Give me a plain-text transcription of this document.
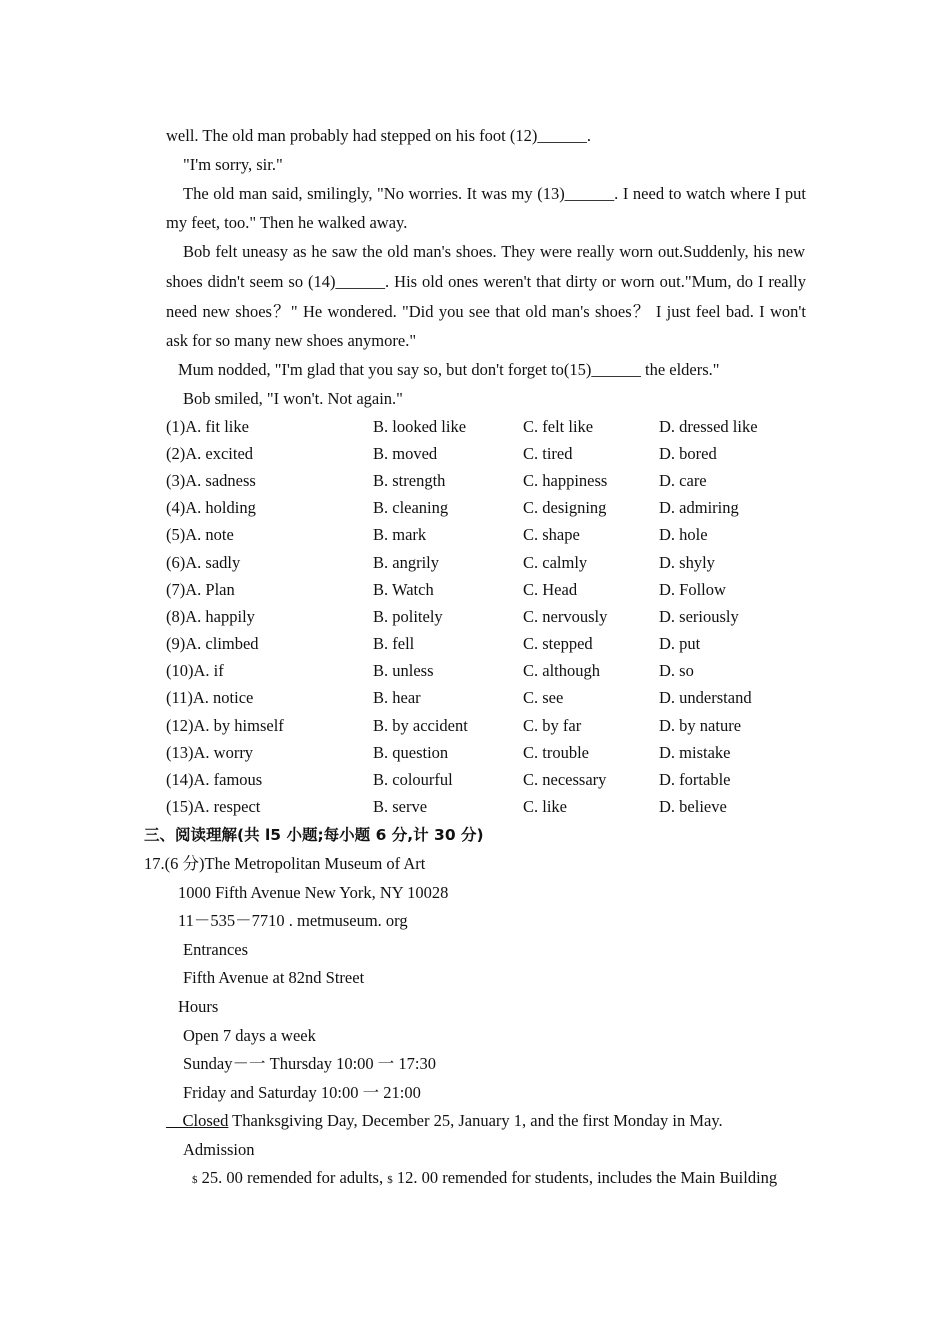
well. The old man probably had stepped on his foot (12)______.
"I'm sorry, sir."
The old man said, smilingly, "No worries. It was my (13)______. I need to watch where I put
my feet, too." Then he walked away.
Bob felt uneasy as he saw the old man's shoes. They were really worn out.Suddenly, his new
shoes didn't seem so (14)______. His old ones weren't that dirty or worn out."Mum, do I really
need new shoes？" He wondered. "Did you see that old man's shoes？ I just feel bad. I won't
ask for so many new shoes anymore."
Mum nodded, "I'm glad that you say so, but don't forget to(15)______ the elders."
Bob smiled, "I won't. Not again."
(1)A. fit like	B. looked like	C. felt like	D. dressed like
(2)A. excited	B. moved	C. tired	D. bored
(3)A. sadness	B. strength	C. happiness	D. care
(4)A. holding	B. cleaning	C. designing	D. admiring
(5)A. note	B. mark	C. shape	D. hole
(6)A. sadly	B. angrily	C. calmly	D. shyly
(7)A. Plan	B. Watch	C. Head	D. Follow
(8)A. happily	B. politely	C. nervously	D. seriously
(9)A. climbed	B. fell	C. stepped	D. put
(10)A. if	B. unless	C. although	D. so
(11)A. notice	B. hear	C. see	D. understand
(12)A. by himself	B. by accident	C. by far	D. by nature
(13)A. worry	B. question	C. trouble	D. mistake
(14)A. famous	B. colourful	C. necessary	D. fortable
(15)A. respect	B. serve	C. like	D. believe
三、阅读理解(共 l5 小题;每小题 6 分,计 30 分)
17.(6 分)The Metropolitan Museum of Art
1000 Fifth Avenue New York, NY 10028
11－535－7710 . metmuseum. org
Entrances
Fifth Avenue at 82nd Street
Hours
Open 7 days a week
Sunday－一 Thursday 10:00 一 17:30
Friday and Saturday 10:00 一 21:00
Closed Thanksgiving Day, December 25, January 1, and the first Monday in May.
Admission
$ 25. 00 remended for adults, $ 12. 00 remended for students, includes the Main Building
